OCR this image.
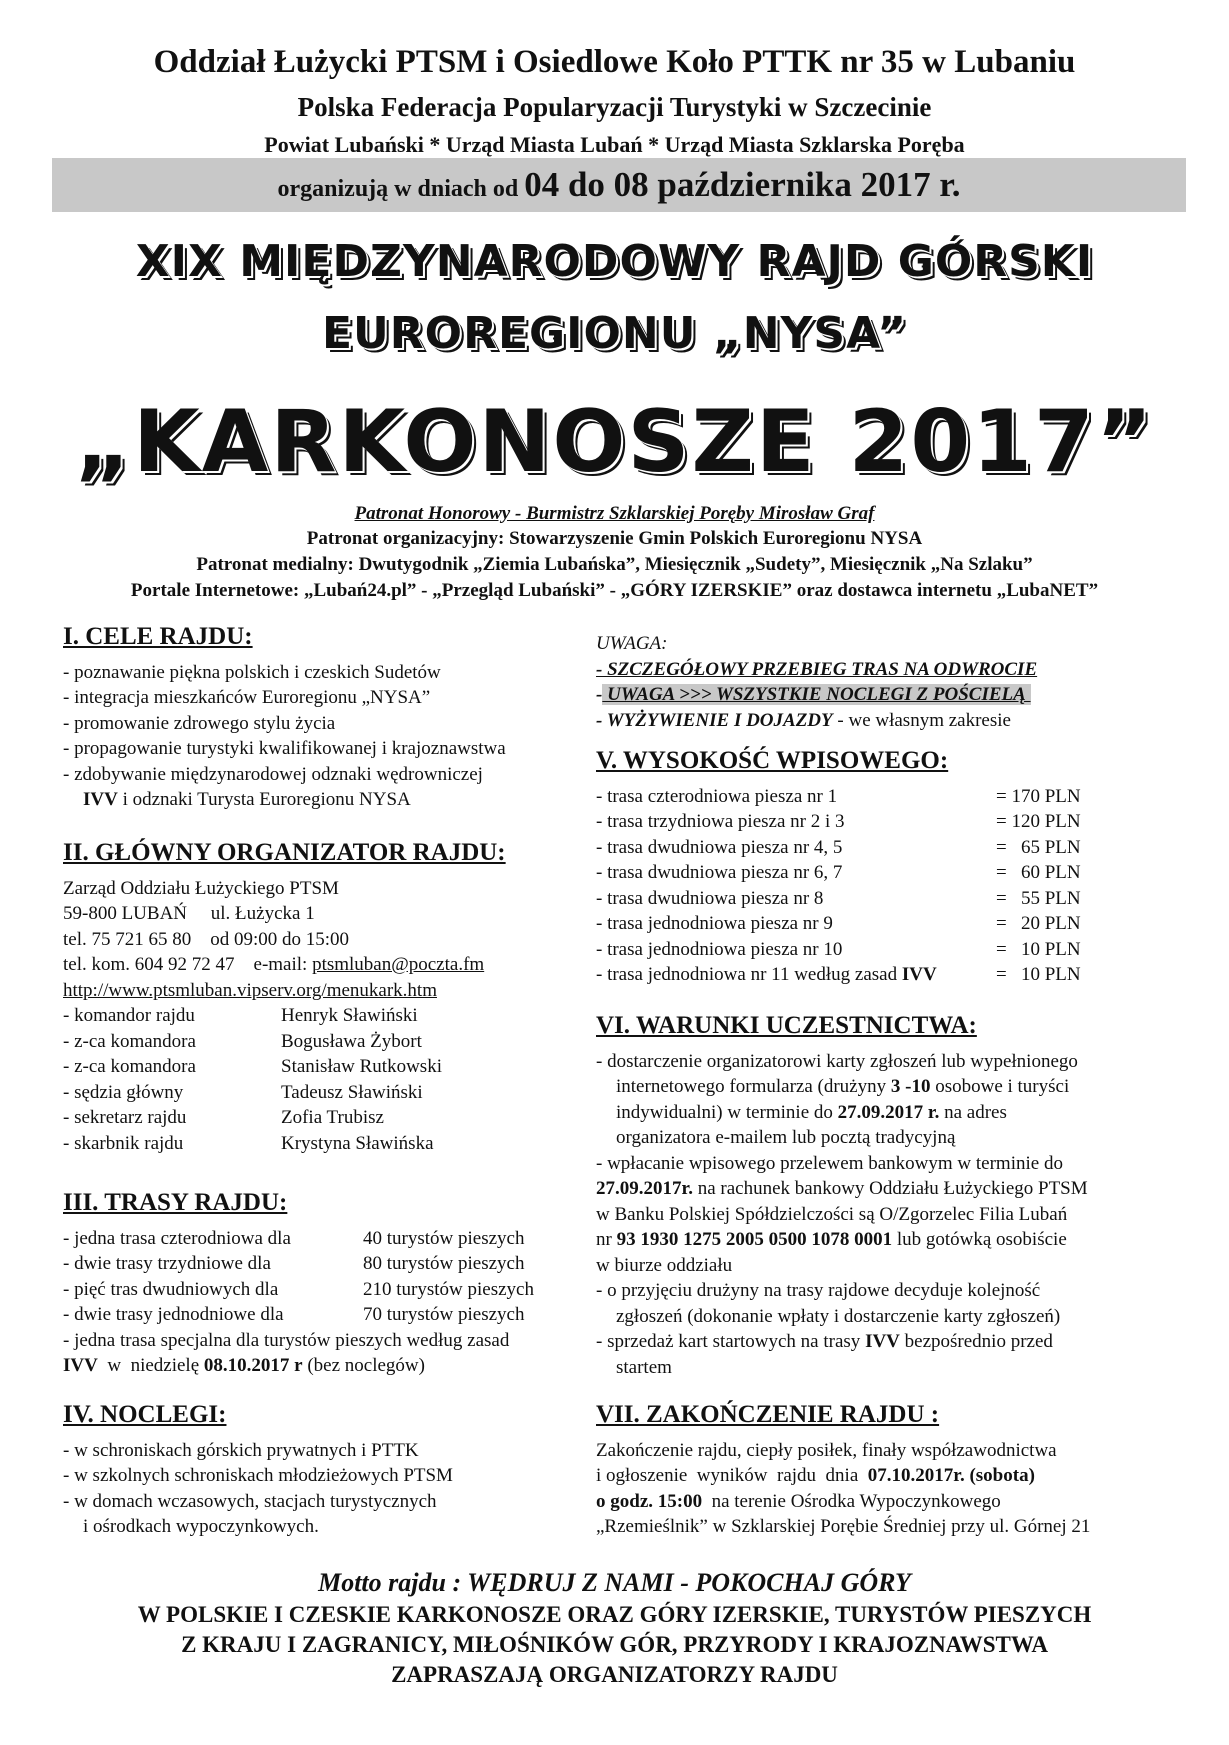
Oddział Łużycki PTSM i Osiedlowe Koło PTTK nr 35 w Lubaniu
Polska Federacja Popularyzacji Turystyki w Szczecinie
Powiat Lubański * Urząd Miasta Lubań * Urząd Miasta Szklarska Poręba
organizują w dniach od 04 do 08 października 2017 r.
XIX MIĘDZYNARODOWY RAJD GÓRSKI
EUROREGIONU „NYSA”
„KARKONOSZE 2017”
Patronat Honorowy - Burmistrz Szklarskiej Poręby Mirosław Graf
Patronat organizacyjny: Stowarzyszenie Gmin Polskich Euroregionu NYSA
Patronat medialny: Dwutygodnik „Ziemia Lubańska”, Miesięcznik „Sudety”, Miesięcznik „Na Szlaku”
Portale Internetowe: „Lubań24.pl” - „Przegląd Lubański” - „GÓRY IZERSKIE” oraz dostawca internetu „LubaNET”
I. CELE RAJDU:
- poznawanie piękna polskich i czeskich Sudetów
- integracja mieszkańców Euroregionu „NYSA”
- promowanie zdrowego stylu życia
- propagowanie turystyki kwalifikowanej i krajoznawstwa
- zdobywanie międzynarodowej odznaki wędrowniczej
IVV i odznaki Turysta Euroregionu NYSA
II. GŁÓWNY ORGANIZATOR RAJDU:
Zarząd Oddziału Łużyckiego PTSM
59-800 LUBAŃ     ul. Łużycka 1
tel. 75 721 65 80    od 09:00 do 15:00
tel. kom. 604 92 72 47    e-mail: ptsmluban@poczta.fm
http://www.ptsmluban.vipserv.org/menukark.htm
- komandor rajdu	Henryk Sławiński
- z-ca komandora	Bogusława Żybort
- z-ca komandora	Stanisław Rutkowski
- sędzia główny	Tadeusz Sławiński
- sekretarz rajdu	Zofia Trubisz
- skarbnik rajdu	Krystyna Sławińska
III. TRASY RAJDU:
- jedna trasa czterodniowa dla	40 turystów pieszych
- dwie trasy trzydniowe dla	80 turystów pieszych
- pięć tras dwudniowych dla	210 turystów pieszych
- dwie trasy jednodniowe dla	70 turystów pieszych
- jedna trasa specjalna dla turystów pieszych według zasad
IVV  w  niedzielę 08.10.2017 r (bez noclegów)
IV. NOCLEGI:
- w schroniskach górskich prywatnych i PTTK
- w szkolnych schroniskach młodzieżowych PTSM
- w domach wczasowych, stacjach turystycznych
i ośrodkach wypoczynkowych.
UWAGA:
- SZCZEGÓŁOWY PRZEBIEG TRAS NA ODWROCIE
- UWAGA >>> WSZYSTKIE NOCLEGI Z POŚCIELĄ
- WYŻYWIENIE I DOJAZDY - we własnym zakresie
V. WYSOKOŚĆ WPISOWEGO:
- trasa czterodniowa piesza nr 1	= 170 PLN
- trasa trzydniowa piesza nr 2 i 3	= 120 PLN
- trasa dwudniowa piesza nr 4, 5	=   65 PLN
- trasa dwudniowa piesza nr 6, 7	=   60 PLN
- trasa dwudniowa piesza nr 8	=   55 PLN
- trasa jednodniowa piesza nr 9	=   20 PLN
- trasa jednodniowa piesza nr 10	=   10 PLN
- trasa jednodniowa nr 11 według zasad IVV	=   10 PLN
VI. WARUNKI UCZESTNICTWA:
- dostarczenie organizatorowi karty zgłoszeń lub wypełnionego
internetowego formularza (drużyny 3 -10 osobowe i turyści
indywidualni) w terminie do 27.09.2017 r. na adres
organizatora e-mailem lub pocztą tradycyjną
- wpłacanie wpisowego przelewem bankowym w terminie do
27.09.2017r. na rachunek bankowy Oddziału Łużyckiego PTSM
w Banku Polskiej Spółdzielczości są O/Zgorzelec Filia Lubań
nr 93 1930 1275 2005 0500 1078 0001 lub gotówką osobiście
w biurze oddziału
- o przyjęciu drużyny na trasy rajdowe decyduje kolejność
zgłoszeń (dokonanie wpłaty i dostarczenie karty zgłoszeń)
- sprzedaż kart startowych na trasy IVV bezpośrednio przed
startem
VII. ZAKOŃCZENIE RAJDU :
Zakończenie rajdu, ciepły posiłek, finały współzawodnictwa
i ogłoszenie  wyników  rajdu  dnia  07.10.2017r. (sobota)
o godz. 15:00  na terenie Ośrodka Wypoczynkowego
„Rzemieślnik” w Szklarskiej Porębie Średniej przy ul. Górnej 21
Motto rajdu : WĘDRUJ Z NAMI - POKOCHAJ GÓRY
W POLSKIE I CZESKIE KARKONOSZE ORAZ GÓRY IZERSKIE, TURYSTÓW PIESZYCH
Z KRAJU I ZAGRANICY, MIŁOŚNIKÓW GÓR, PRZYRODY I KRAJOZNAWSTWA
ZAPRASZAJĄ ORGANIZATORZY RAJDU
